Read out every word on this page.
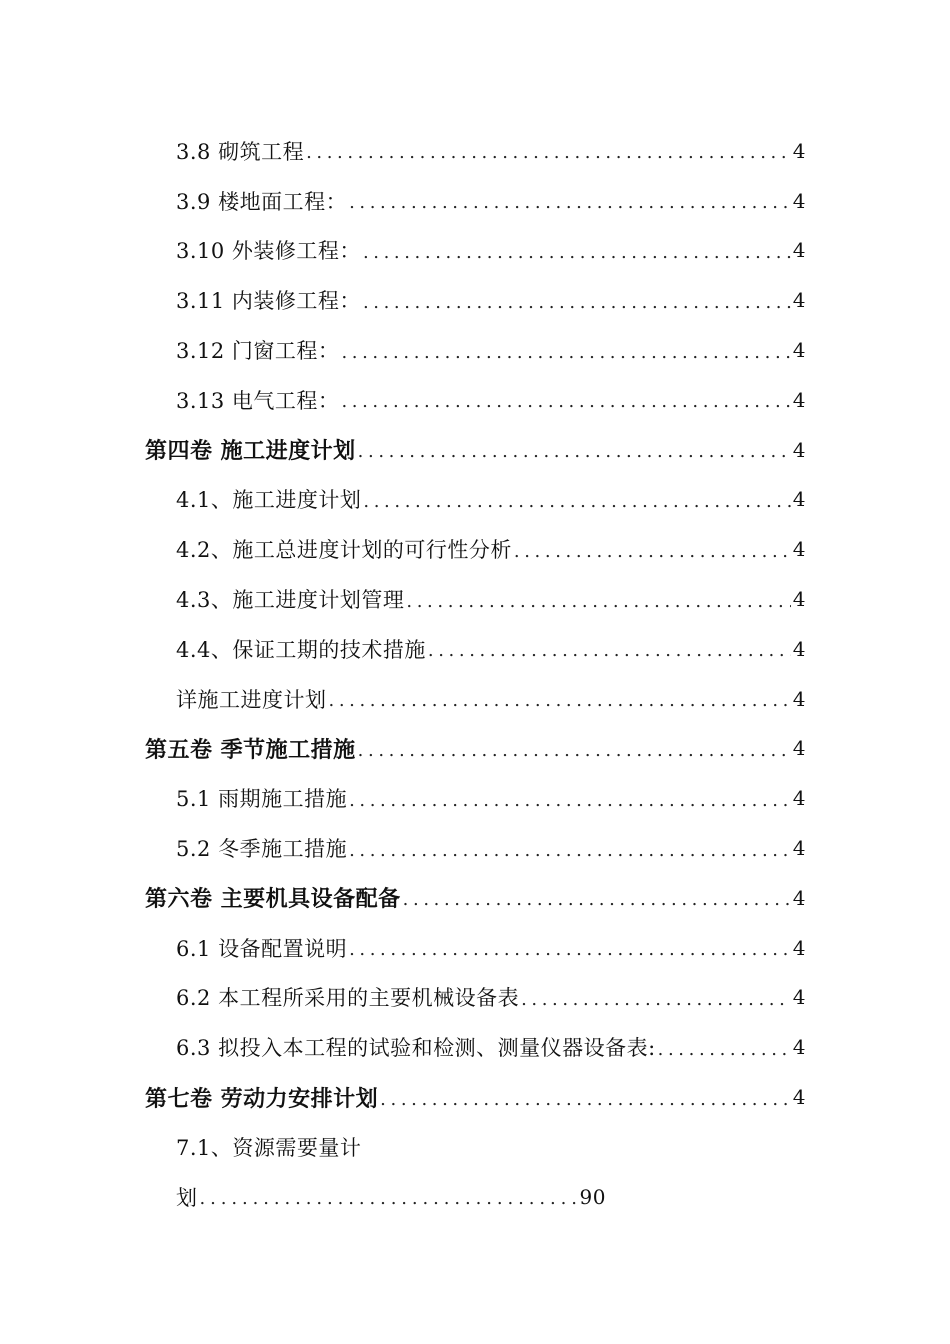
3.8 砌筑工程 .....	4
3.9 楼地面工程： .....	4
3.10 外装修工程： .....	4
3.11 内装修工程： .....	4
3.12 门窗工程： .....	4
3.13 电气工程： .....	4
第四卷 施工进度计划 .....	4
4.1、施工进度计划 .....	4
4.2、施工总进度计划的可行性分析 .....	4
4.3、施工进度计划管理 .....	4
4.4、保证工期的技术措施 .....	4
详施工进度计划 .....	4
第五卷 季节施工措施 .....	4
5.1 雨期施工措施 .....	4
5.2 冬季施工措施 .....	4
第六卷 主要机具设备配备 .....	4
6.1 设备配置说明 .....	4
6.2 本工程所采用的主要机械设备表 .....	4
6.3 拟投入本工程的试验和检测、测量仪器设备表: .....	4
第七卷 劳动力安排计划 .....	4
7.1、资源需要量计
划 .....	90
